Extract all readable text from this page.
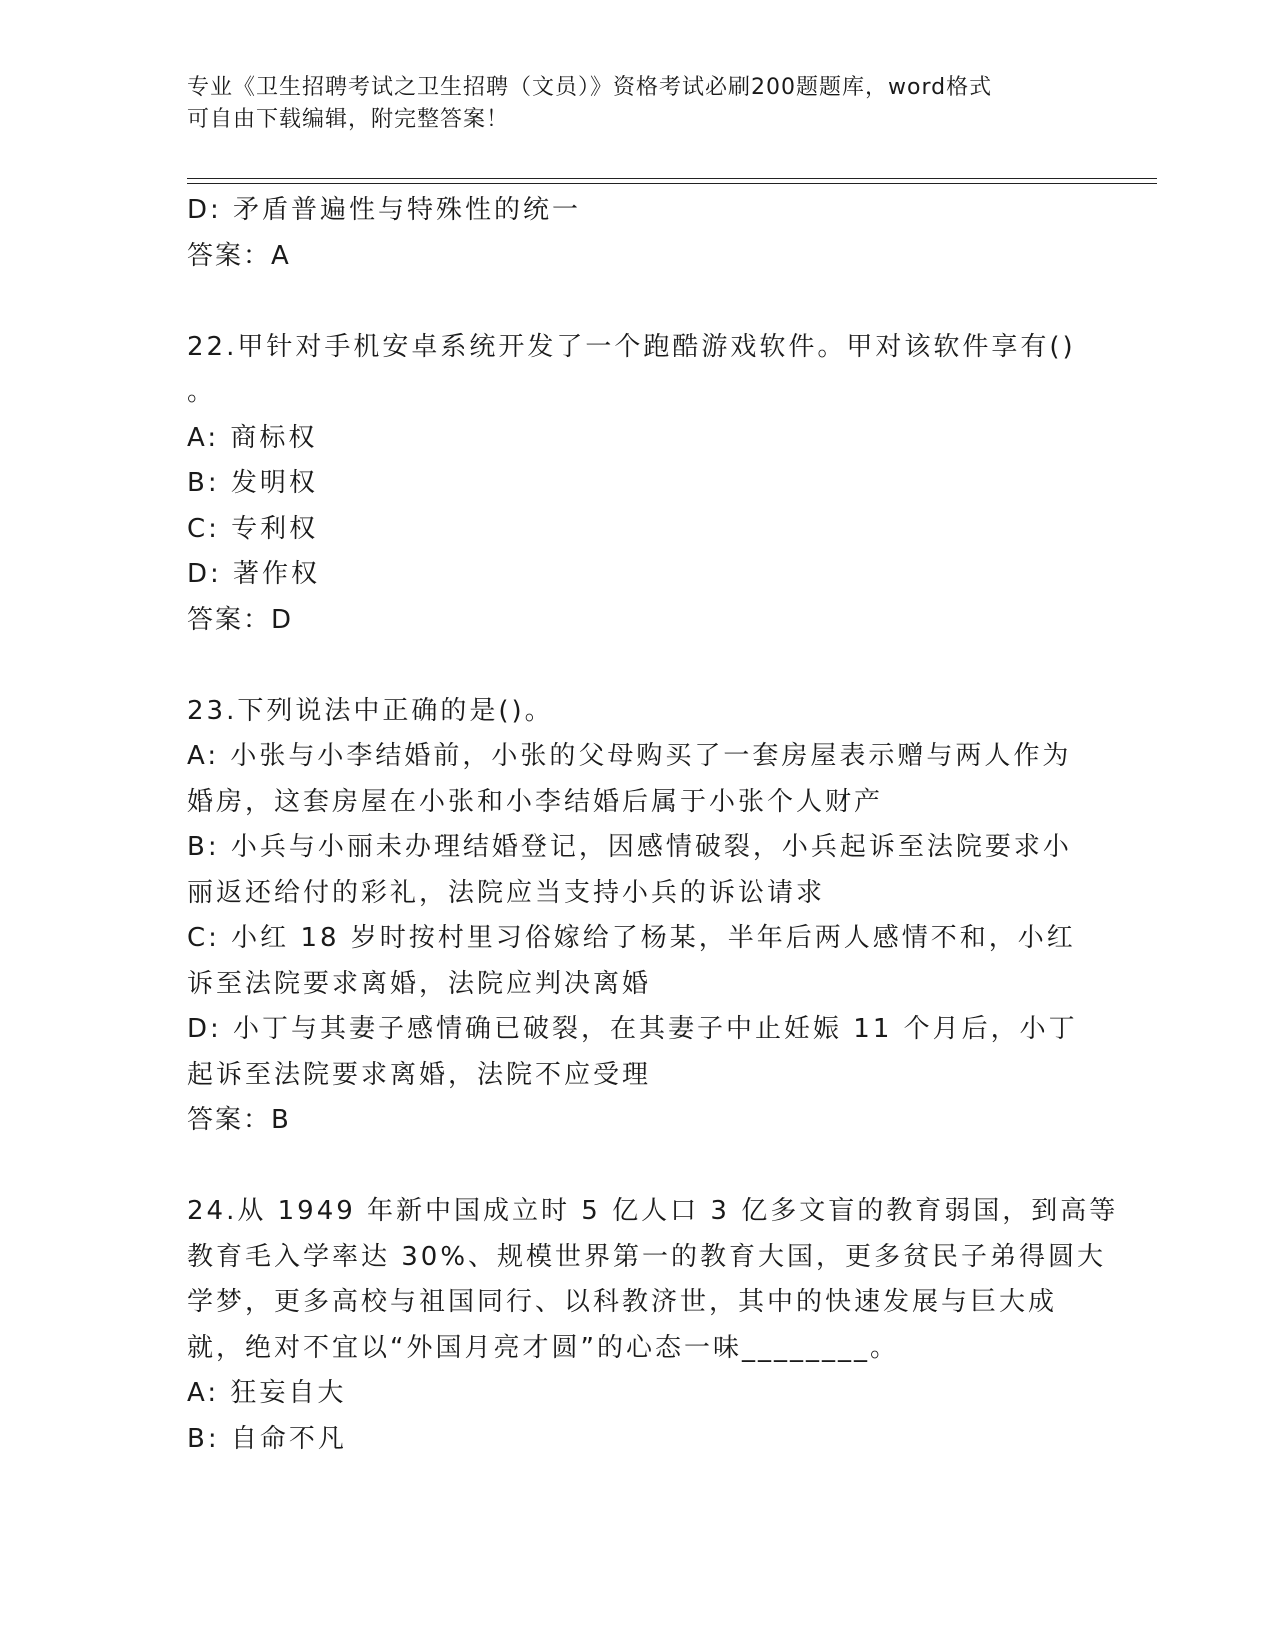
专业《卫生招聘考试之卫生招聘（文员）》资格考试必刷200题题库，word格式
可自由下载编辑，附完整答案！
D: 矛盾普遍性与特殊性的统一
答案：A
22.甲针对手机安卓系统开发了一个跑酷游戏软件。甲对该软件享有()
。
A: 商标权
B: 发明权
C: 专利权
D: 著作权
答案：D
23.下列说法中正确的是()。
A: 小张与小李结婚前，小张的父母购买了一套房屋表示赠与两人作为
婚房，这套房屋在小张和小李结婚后属于小张个人财产
B: 小兵与小丽未办理结婚登记，因感情破裂，小兵起诉至法院要求小
丽返还给付的彩礼，法院应当支持小兵的诉讼请求
C: 小红 18 岁时按村里习俗嫁给了杨某，半年后两人感情不和，小红
诉至法院要求离婚，法院应判决离婚
D: 小丁与其妻子感情确已破裂，在其妻子中止妊娠 11 个月后，小丁
起诉至法院要求离婚，法院不应受理
答案：B
24.从 1949 年新中国成立时 5 亿人口 3 亿多文盲的教育弱国，到高等
教育毛入学率达 30%、规模世界第一的教育大国，更多贫民子弟得圆大
学梦，更多高校与祖国同行、以科教济世，其中的快速发展与巨大成
就，绝对不宜以“外国月亮才圆”的心态一味________。
A: 狂妄自大
B: 自命不凡
